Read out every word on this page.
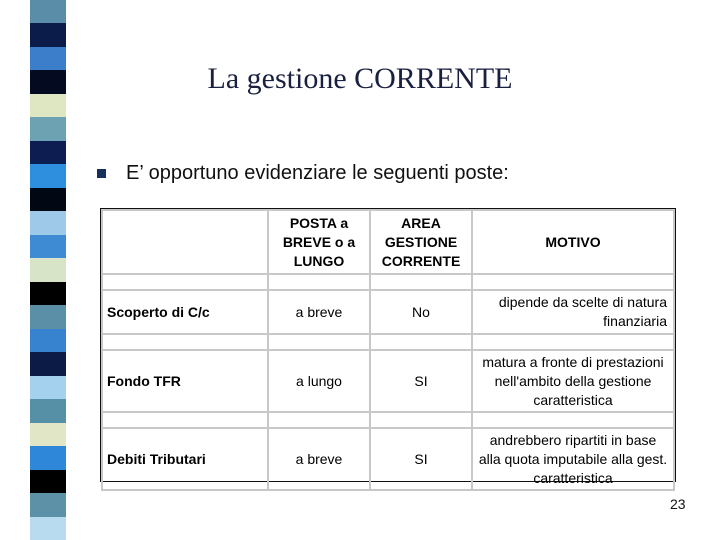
La gestione CORRENTE
E’ opportuno evidenziare le seguenti poste:
	POSTA a BREVE o a LUNGO	AREA GESTIONE CORRENTE	MOTIVO

Scoperto di C/c	a breve	No	dipende da scelte di natura finanziaria

Fondo TFR	a lungo	SI	matura a fronte di prestazioni nell'ambito della gestione caratteristica

Debiti Tributari	a breve	SI	andrebbero ripartiti in base alla quota imputabile alla gest. caratteristica
23
